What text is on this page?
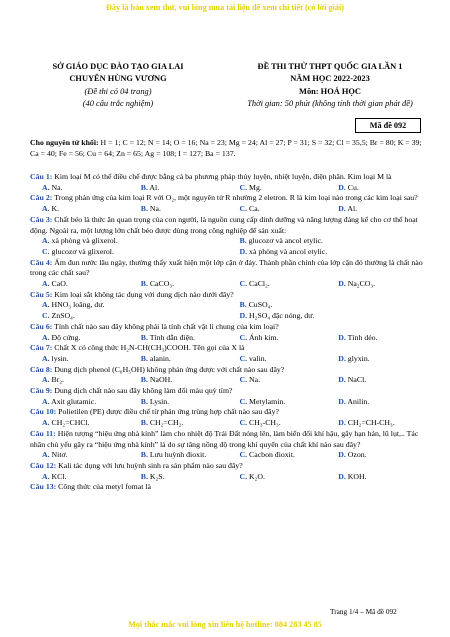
Đây là bản xem thử, vui lòng mua tài liệu để xem chi tiết (có lời giải)
SỞ GIÁO DỤC ĐÀO TẠO GIA LAI
CHUYÊN HÙNG VƯƠNG
(Đề thi có 04 trang)
(40 câu trắc nghiệm)
ĐỀ THI THỬ THPT QUỐC GIA LẦN 1
NĂM HỌC 2022-2023
Môn: HOÁ HỌC
Thời gian: 50 phút (không tính thời gian phát đề)
Mã đề 092
Cho nguyên tử khối: H = 1; C = 12; N = 14; O = 16; Na = 23; Mg = 24; Al = 27; P = 31; S = 32; Cl = 35,5; Br = 80; K = 39; Ca = 40; Fe = 56; Cu = 64; Zn = 65; Ag = 108; I = 127; Ba = 137.
Câu 1: Kim loại M có thể điều chế được bằng cả ba phương pháp thủy luyện, nhiệt luyện, điện phân. Kim loại M là
A. Na.	B. Al.	C. Mg.	D. Cu.
Câu 2: Trong phản ứng của kim loại R với O₂, một nguyên tử R nhường 2 eletron. R là kim loại nào trong các kim loại sau?
A. K.	B. Na.	C. Ca.	D. Al.
Câu 3: Chất béo là thức ăn quan trọng của con người, là nguồn cung cấp dinh dưỡng và năng lượng đáng kể cho cơ thể hoạt động. Ngoài ra, một lượng lớn chất béo được dùng trong công nghiệp để sản xuất:
A. xà phòng và glixerol.	B. glucozơ và ancol etylic.
C. glucozơ và glixerol.	D. xà phòng và ancol etylic.
Câu 4: Ấm đun nước lâu ngày, thường thấy xuất hiện một lớp cặn ở đáy. Thành phần chính của lớp cặn đó thường là chất nào trong các chất sau?
A. CaO.	B. CaCO₃.	C. CaCl₂.	D. Na₂CO₃.
Câu 5: Kim loại sắt không tác dụng với dung dịch nào dưới đây?
A. HNO₃ loãng, dư.	B. CuSO₄.
C. ZnSO₄.	D. H₂SO₄ đặc nóng, dư.
Câu 6: Tính chất nào sau đây không phải là tính chất vật lí chung của kim loại?
A. Độ cứng.	B. Tính dẫn điện.	C. Ánh kim.	D. Tính dẻo.
Câu 7: Chất X có công thức H₂N-CH(CH₃)COOH. Tên gọi của X là
A. lysin.	B. alanin.	C. valin.	D. glyxin.
Câu 8: Dung dịch phenol (C₆H₅OH) không phản ứng được với chất nào sau đây?
A. Br₂.	B. NaOH.	C. Na.	D. NaCl.
Câu 9: Dung dịch chất nào sau đây không làm đổi màu quỳ tím?
A. Axit glutamic.	B. Lysin.	C. Metylamin.	D. Anilin.
Câu 10: Polietilen (PE) được điều chế từ phản ứng trùng hợp chất nào sau đây?
A. CH₂=CHCl.	B. CH₂=CH₂.	C. CH₃-CH₃.	D. CH₂=CH-CH₃.
Câu 11: Hiện tượng “hiệu ứng nhà kính” làm cho nhiệt độ Trái Đất nóng lên, làm biến đổi khí hậu, gây hạn hán, lũ lụt,.. Tác nhân chủ yếu gây ra “hiệu ứng nhà kính” là do sự tăng nồng độ trong khí quyển của chất khí nào sau đây?
A. Nitơ.	B. Lưu huỳnh đioxit.	C. Cacbon đioxit.	D. Ozon.
Câu 12: Kali tác dụng với lưu huỳnh sinh ra sản phẩm nào sau đây?
A. KCl.	B. K₂S.	C. K₂O.	D. KOH.
Câu 13: Công thức của metyl fomat là
Trang 1/4 – Mã đề 092
Mọi thắc mắc vui lòng xin liên hệ hotline: 084 283 45 85
